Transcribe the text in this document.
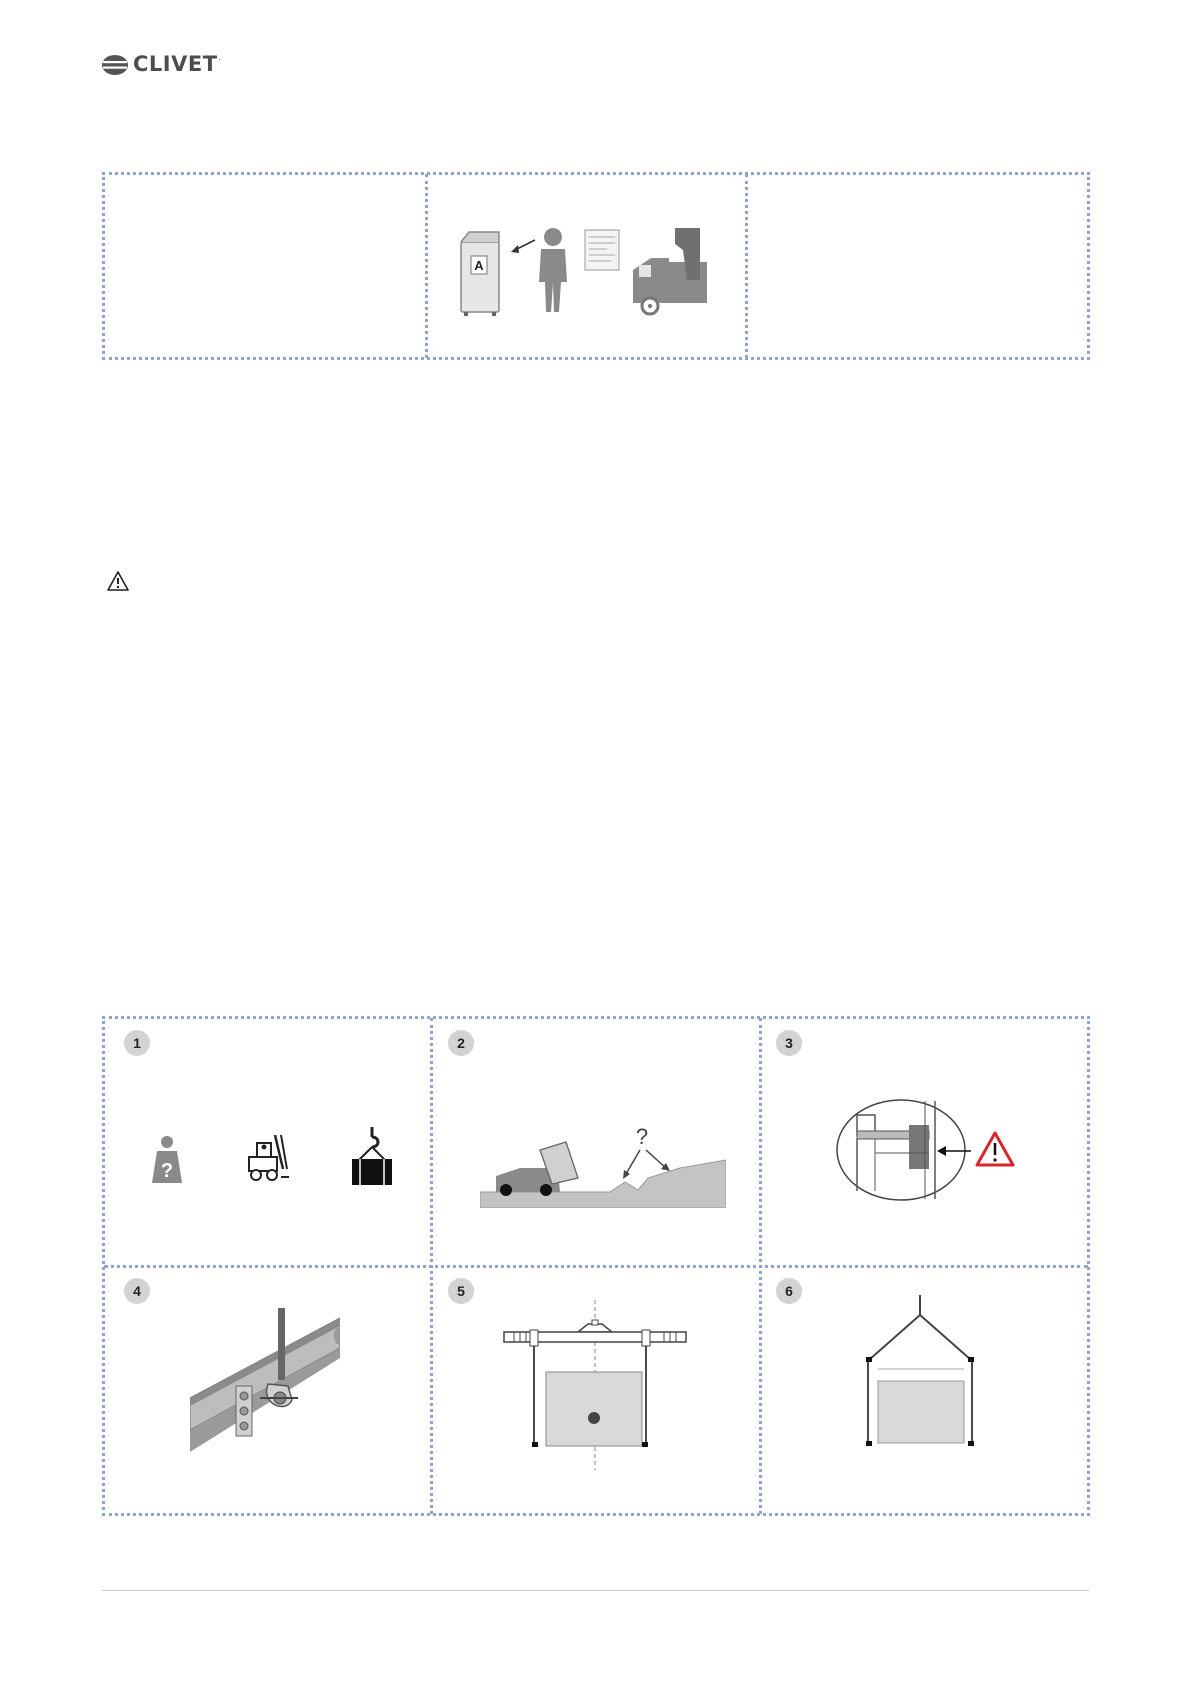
CLIVET ·
A
1	2	3
4	5	6
?
?
